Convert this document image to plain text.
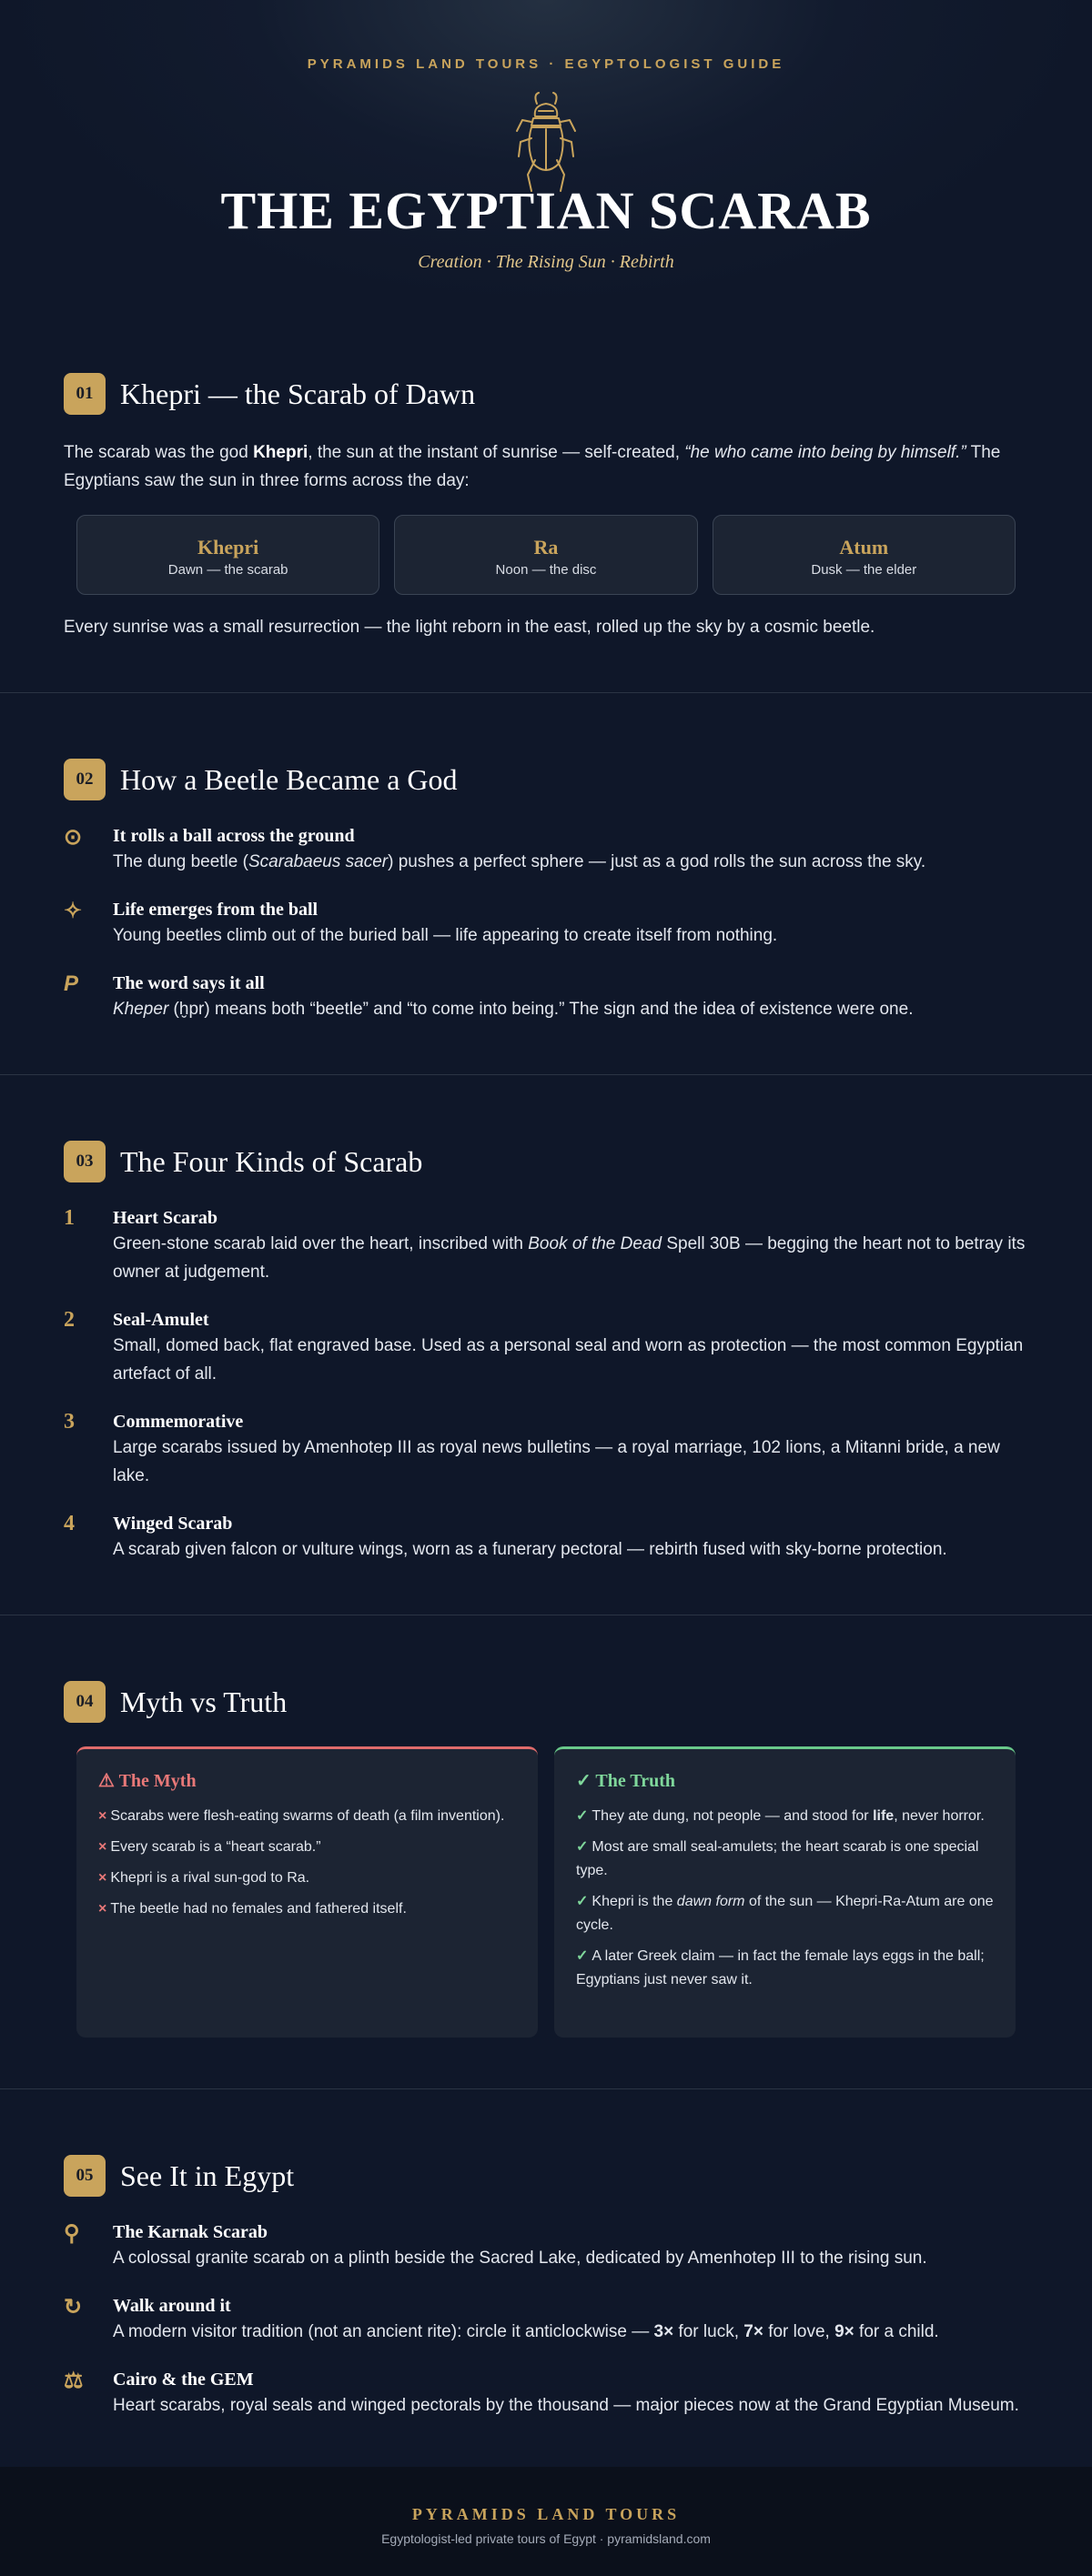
PYRAMIDS LAND TOURS · EGYPTOLOGIST GUIDE
THE EGYPTIAN SCARAB
Creation · The Rising Sun · Rebirth
01 Khepri — the Scarab of Dawn

The scarab was the god Khepri, the sun at the instant of sunrise — self-created, “he who came into being by himself.” The Egyptians saw the sun in three forms across the day:

Khepri
Dawn — the scarab
Ra
Noon — the disc
Atum
Dusk — the elder

Every sunrise was a small resurrection — the light reborn in the east, rolled up the sky by a cosmic beetle.

02 How a Beetle Became a God
⊙	It rolls a ball across the ground
The dung beetle (Scarabaeus sacer) pushes a perfect sphere — just as a god rolls the sun across the sky.
✧	Life emerges from the ball
Young beetles climb out of the buried ball — life appearing to create itself from nothing.
P	The word says it all
Kheper (ḫpr) means both “beetle” and “to come into being.” The sign and the idea of existence were one.
03 The Four Kinds of Scarab
1	Heart Scarab
Green-stone scarab laid over the heart, inscribed with Book of the Dead Spell 30B — begging the heart not to betray its owner at judgement.
2	Seal-Amulet
Small, domed back, flat engraved base. Used as a personal seal and worn as protection — the most common Egyptian artefact of all.
3	Commemorative
Large scarabs issued by Amenhotep III as royal news bulletins — a royal marriage, 102 lions, a Mitanni bride, a new lake.
4	Winged Scarab
A scarab given falcon or vulture wings, worn as a funerary pectoral — rebirth fused with sky-borne protection.
04 Myth vs Truth
⚠ The Myth
× Scarabs were flesh-eating swarms of death (a film invention).
× Every scarab is a “heart scarab.”
× Khepri is a rival sun-god to Ra.
× The beetle had no females and fathered itself.
✓ The Truth
✓ They ate dung, not people — and stood for life, never horror.
✓ Most are small seal-amulets; the heart scarab is one special type.
✓ Khepri is the dawn form of the sun — Khepri-Ra-Atum are one cycle.
✓ A later Greek claim — in fact the female lays eggs in the ball; Egyptians just never saw it.
05 See It in Egypt
⚲	The Karnak Scarab
A colossal granite scarab on a plinth beside the Sacred Lake, dedicated by Amenhotep III to the rising sun.
↻	Walk around it
A modern visitor tradition (not an ancient rite): circle it anticlockwise — 3× for luck, 7× for love, 9× for a child.
⚖	Cairo & the GEM
Heart scarabs, royal seals and winged pectorals by the thousand — major pieces now at the Grand Egyptian Museum.
PYRAMIDS LAND TOURS
Egyptologist-led private tours of Egypt · pyramidsland.com
